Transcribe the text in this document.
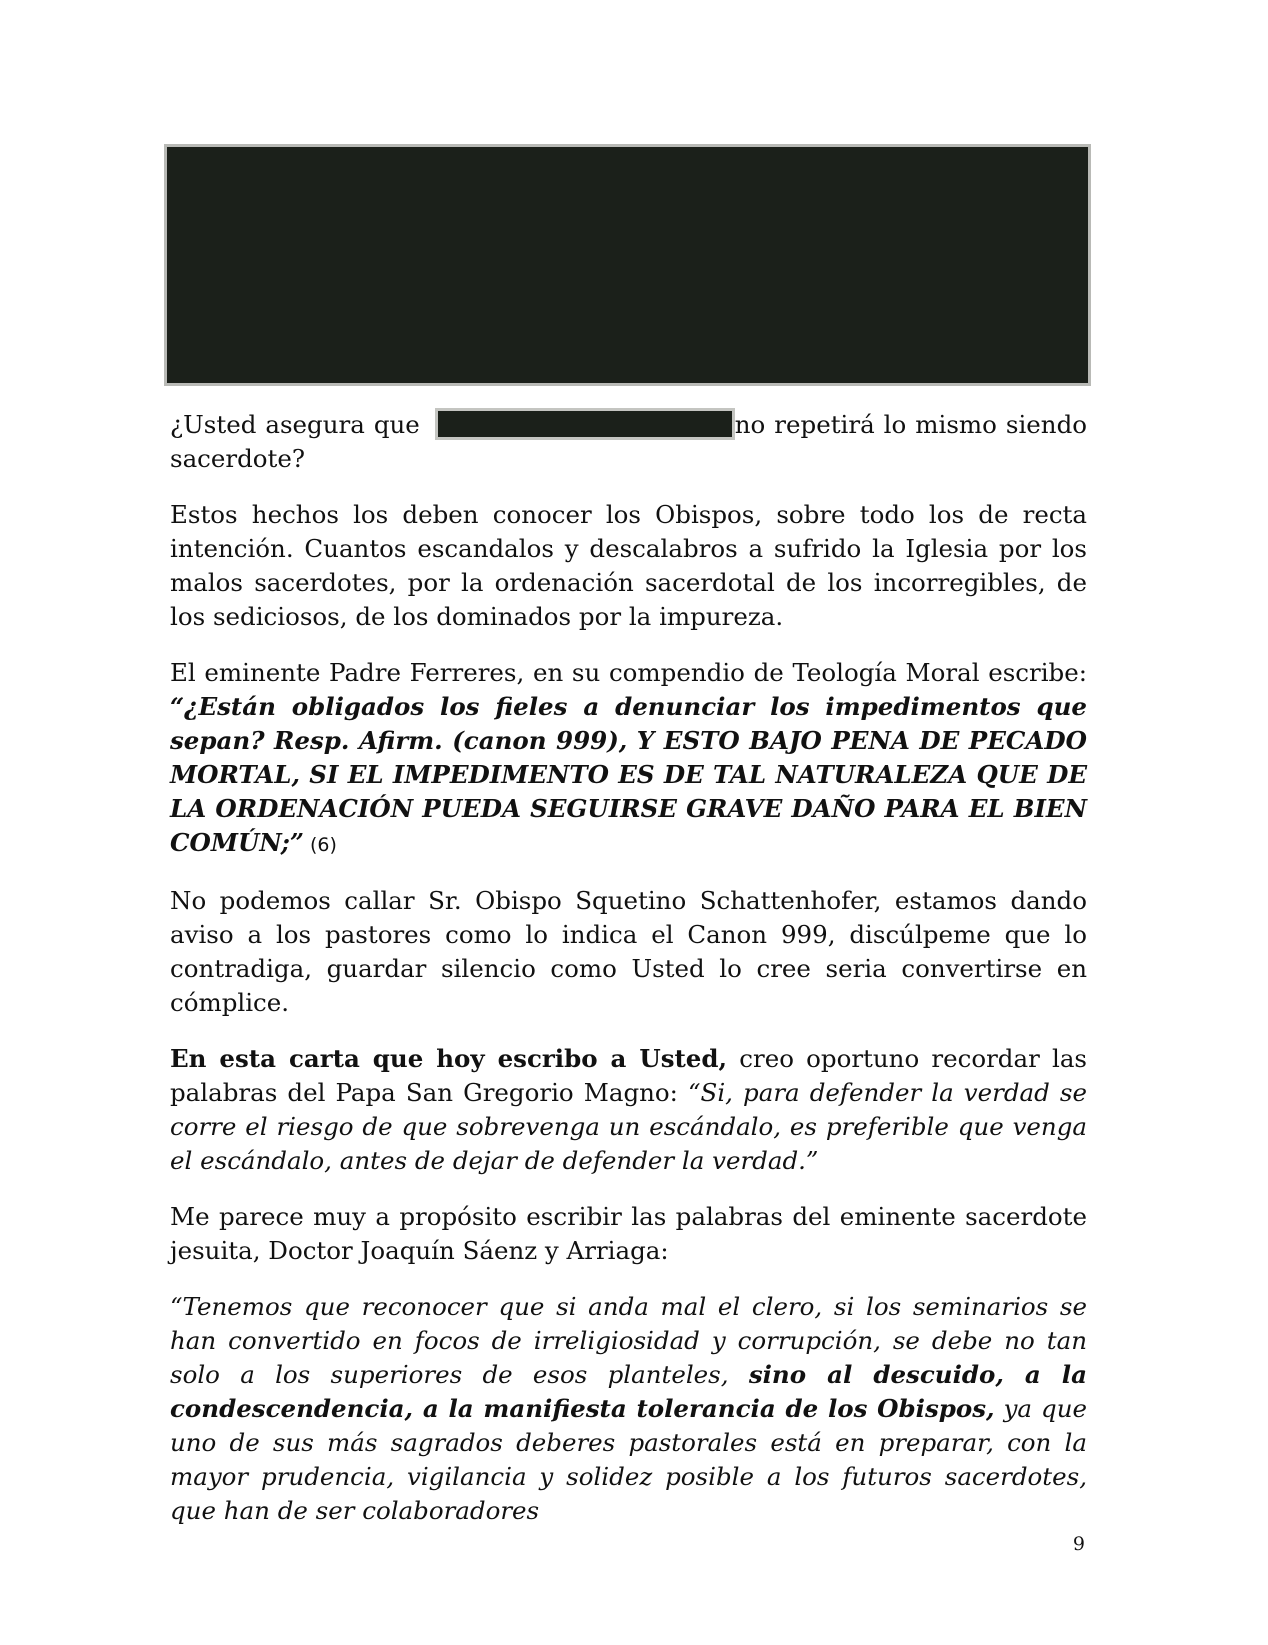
¿Usted asegura que	no repetirá lo mismo siendo sacerdote?

Estos hechos los deben conocer los Obispos, sobre todo los de recta intención. Cuantos escandalos y descalabros a sufrido la Iglesia por los malos sacerdotes, por la ordenación sacerdotal de los incorregibles, de los sediciosos, de los dominados por la impureza.

El eminente Padre Ferreres, en su compendio de Teología Moral escribe: “¿Están obligados los fieles a denunciar los impedimentos que sepan? Resp. Afirm. (canon 999), Y ESTO BAJO PENA DE PECADO MORTAL, SI EL IMPEDIMENTO ES DE TAL NATURALEZA QUE DE LA ORDENACIÓN PUEDA SEGUIRSE GRAVE DAÑO PARA EL BIEN COMÚN;” (6)

No podemos callar Sr. Obispo Squetino Schattenhofer, estamos dando aviso a los pastores como lo indica el Canon 999, discúlpeme que lo contradiga, guardar silencio como Usted lo cree seria convertirse en cómplice.

En esta carta que hoy escribo a Usted, creo oportuno recordar las palabras del Papa San Gregorio Magno: “Si, para defender la verdad se corre el riesgo de que sobrevenga un escándalo, es preferible que venga el escándalo, antes de dejar de defender la verdad.”

Me parece muy a propósito escribir las palabras del eminente sacerdote jesuita, Doctor Joaquín Sáenz y Arriaga:

“Tenemos que reconocer que si anda mal el clero, si los seminarios se han convertido en focos de irreligiosidad y corrupción, se debe no tan solo a los superiores de esos planteles, sino al descuido, a la condescendencia, a la manifiesta tolerancia de los Obispos, ya que uno de sus más sagrados deberes pastorales está en preparar, con la mayor prudencia, vigilancia y solidez posible a los futuros sacerdotes, que han de ser colaboradores

9
